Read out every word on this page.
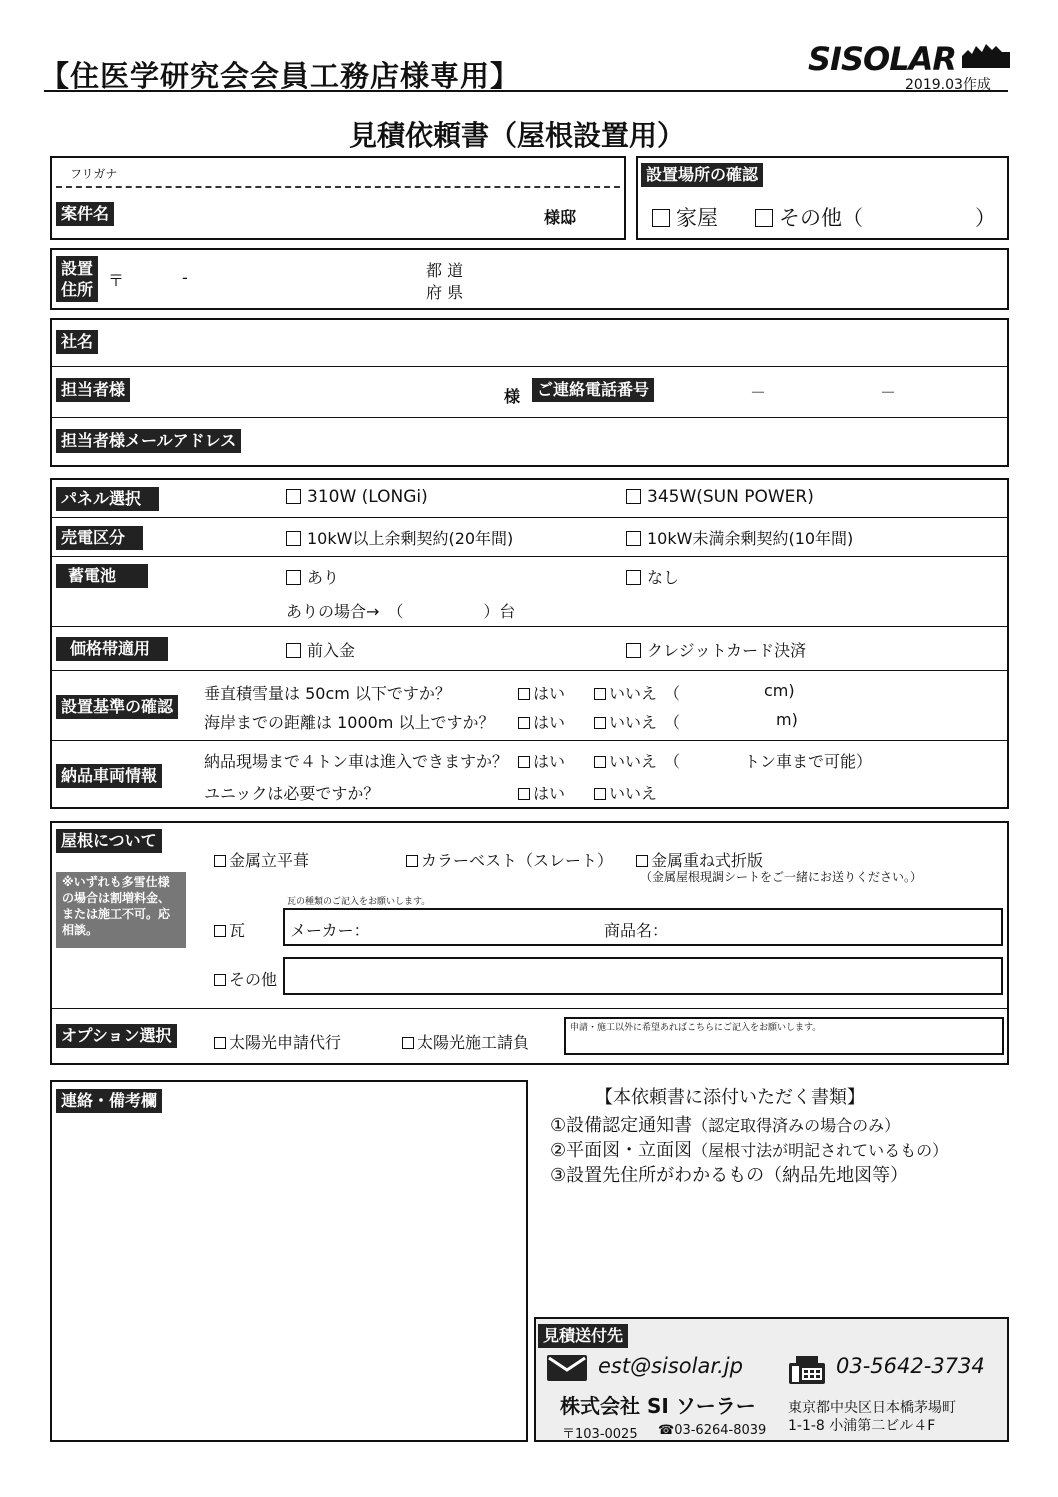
【住医学研究会会員工務店様専用】	SISOLAR
2019.03作成
見積依頼書（屋根設置用）
フリガナ
案件名	様邸
設置場所の確認
家屋	その他（	）
設置
住所 〒	-	都 道
府 県
社名
担当者様	様	ご連絡電話番号	－	－
担当者様メールアドレス
パネル選択	310W (LONGi)	345W(SUN POWER)
売電区分	10kW以上余剰契約(20年間)	10kW未満余剰契約(10年間)
蓄電池	あり	なし
ありの場合→　（　　　　　）台
価格帯適用	前入金	クレジットカード決済
設置基準の確認
垂直積雪量は 50cm 以下ですか？	はい	いいえ （	cm)
海岸までの距離は 1000m 以上ですか？	はい	いいえ （	m)
納品車両情報
納品現場まで４トン車は進入できますか？	はい	いいえ （　　　　トン車まで可能）
ユニックは必要ですか？	はい	いいえ
屋根について
※いずれも多雪仕様の場合は割増料金、または施工不可。応相談。
金属立平葺	カラーベスト（スレート）	金属重ね式折版
（金属屋根現調シートをご一緒にお送りください。）
瓦の種類のご記入をお願いします。
瓦	メーカー：	商品名：
その他
オプション選択	太陽光申請代行	太陽光施工請負
申請・施工以外に希望あればこちらにご記入をお願いします。
連絡・備考欄	【本依頼書に添付いただく書類】
①設備認定通知書（認定取得済みの場合のみ）
②平面図・立面図（屋根寸法が明記されているもの）
③設置先住所がわかるもの（納品先地図等）
見積送付先
est@sisolar.jp	03-5642-3734
株式会社 SI ソーラー
〒103-0025 ☎03-6264-8039
東京都中央区日本橋茅場町
1-1-8 小浦第二ビル４F
